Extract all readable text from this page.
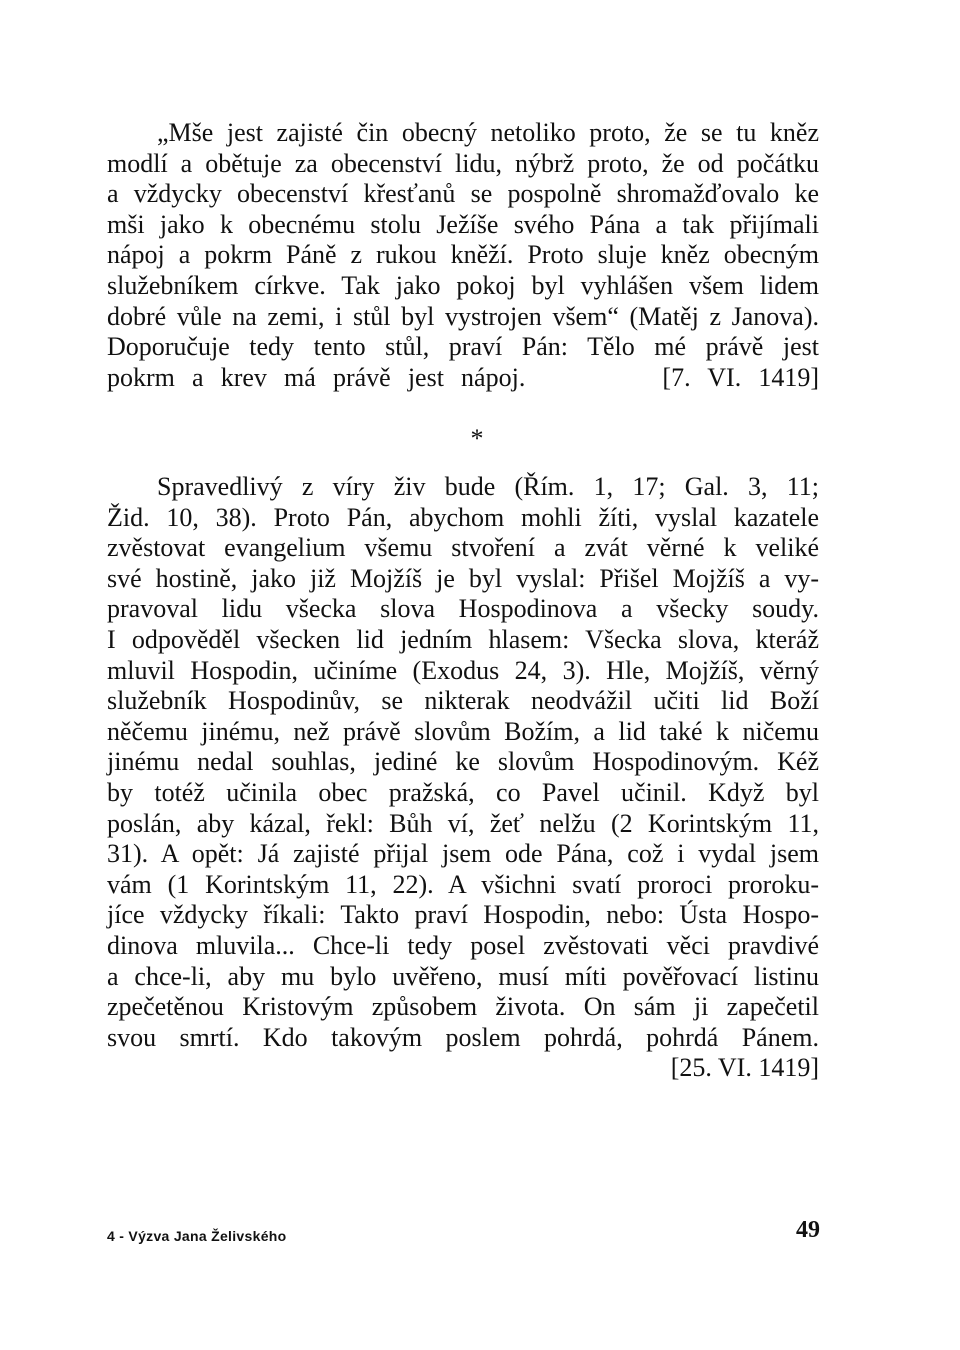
„Mše jest zajisté čin obecný netoliko proto, že se tu kněz
modlí a obětuje za obecenství lidu, nýbrž proto, že od počátku
a vždycky obecenství křesťanů se pospolně shromažďovalo ke
mši jako k obecnému stolu Ježíše svého Pána a tak přijímali
nápoj a pokrm Páně z rukou kněží. Proto sluje kněz obecným
služebníkem církve. Tak jako pokoj byl vyhlášen všem lidem
dobré vůle na zemi, i stůl byl vystrojen všem“ (Matěj z Janova).
Doporučuje tedy tento stůl, praví Pán: Tělo mé právě jest
pokrm a krev má právě jest nápoj.        [7. VI. 1419]
*
Spravedlivý z víry živ bude (Řím. 1, 17; Gal. 3, 11;
Žid. 10, 38). Proto Pán, abychom mohli žíti, vyslal kazatele
zvěstovat evangelium všemu stvoření a zvát věrné k veliké
své hostině, jako již Mojžíš je byl vyslal: Přišel Mojžíš a vy-
pravoval lidu všecka slova Hospodinova a všecky soudy.
I odpověděl všecken lid jedním hlasem: Všecka slova, kteráž
mluvil Hospodin, učiníme (Exodus 24, 3). Hle, Mojžíš, věrný
služebník Hospodinův, se nikterak neodvážil učiti lid Boží
něčemu jinému, než právě slovům Božím, a lid také k ničemu
jinému nedal souhlas, jediné ke slovům Hospodinovým. Kéž
by totéž učinila obec pražská, co Pavel učinil. Když byl
poslán, aby kázal, řekl: Bůh ví, žeť nelžu (2 Korintským 11,
31). A opět: Já zajisté přijal jsem ode Pána, což i vydal jsem
vám (1 Korintským 11, 22). A všichni svatí proroci proroku-
jíce vždycky říkali: Takto praví Hospodin, nebo: Ústa Hospo-
dinova mluvila... Chce-li tedy posel zvěstovati věci pravdivé
a chce-li, aby mu bylo uvěřeno, musí míti pověřovací listinu
zpečetěnou Kristovým způsobem života. On sám ji zapečetil
svou smrtí. Kdo takovým poslem pohrdá, pohrdá Pánem.
[25. VI. 1419]
4 - Výzva Jana Želivského	49
